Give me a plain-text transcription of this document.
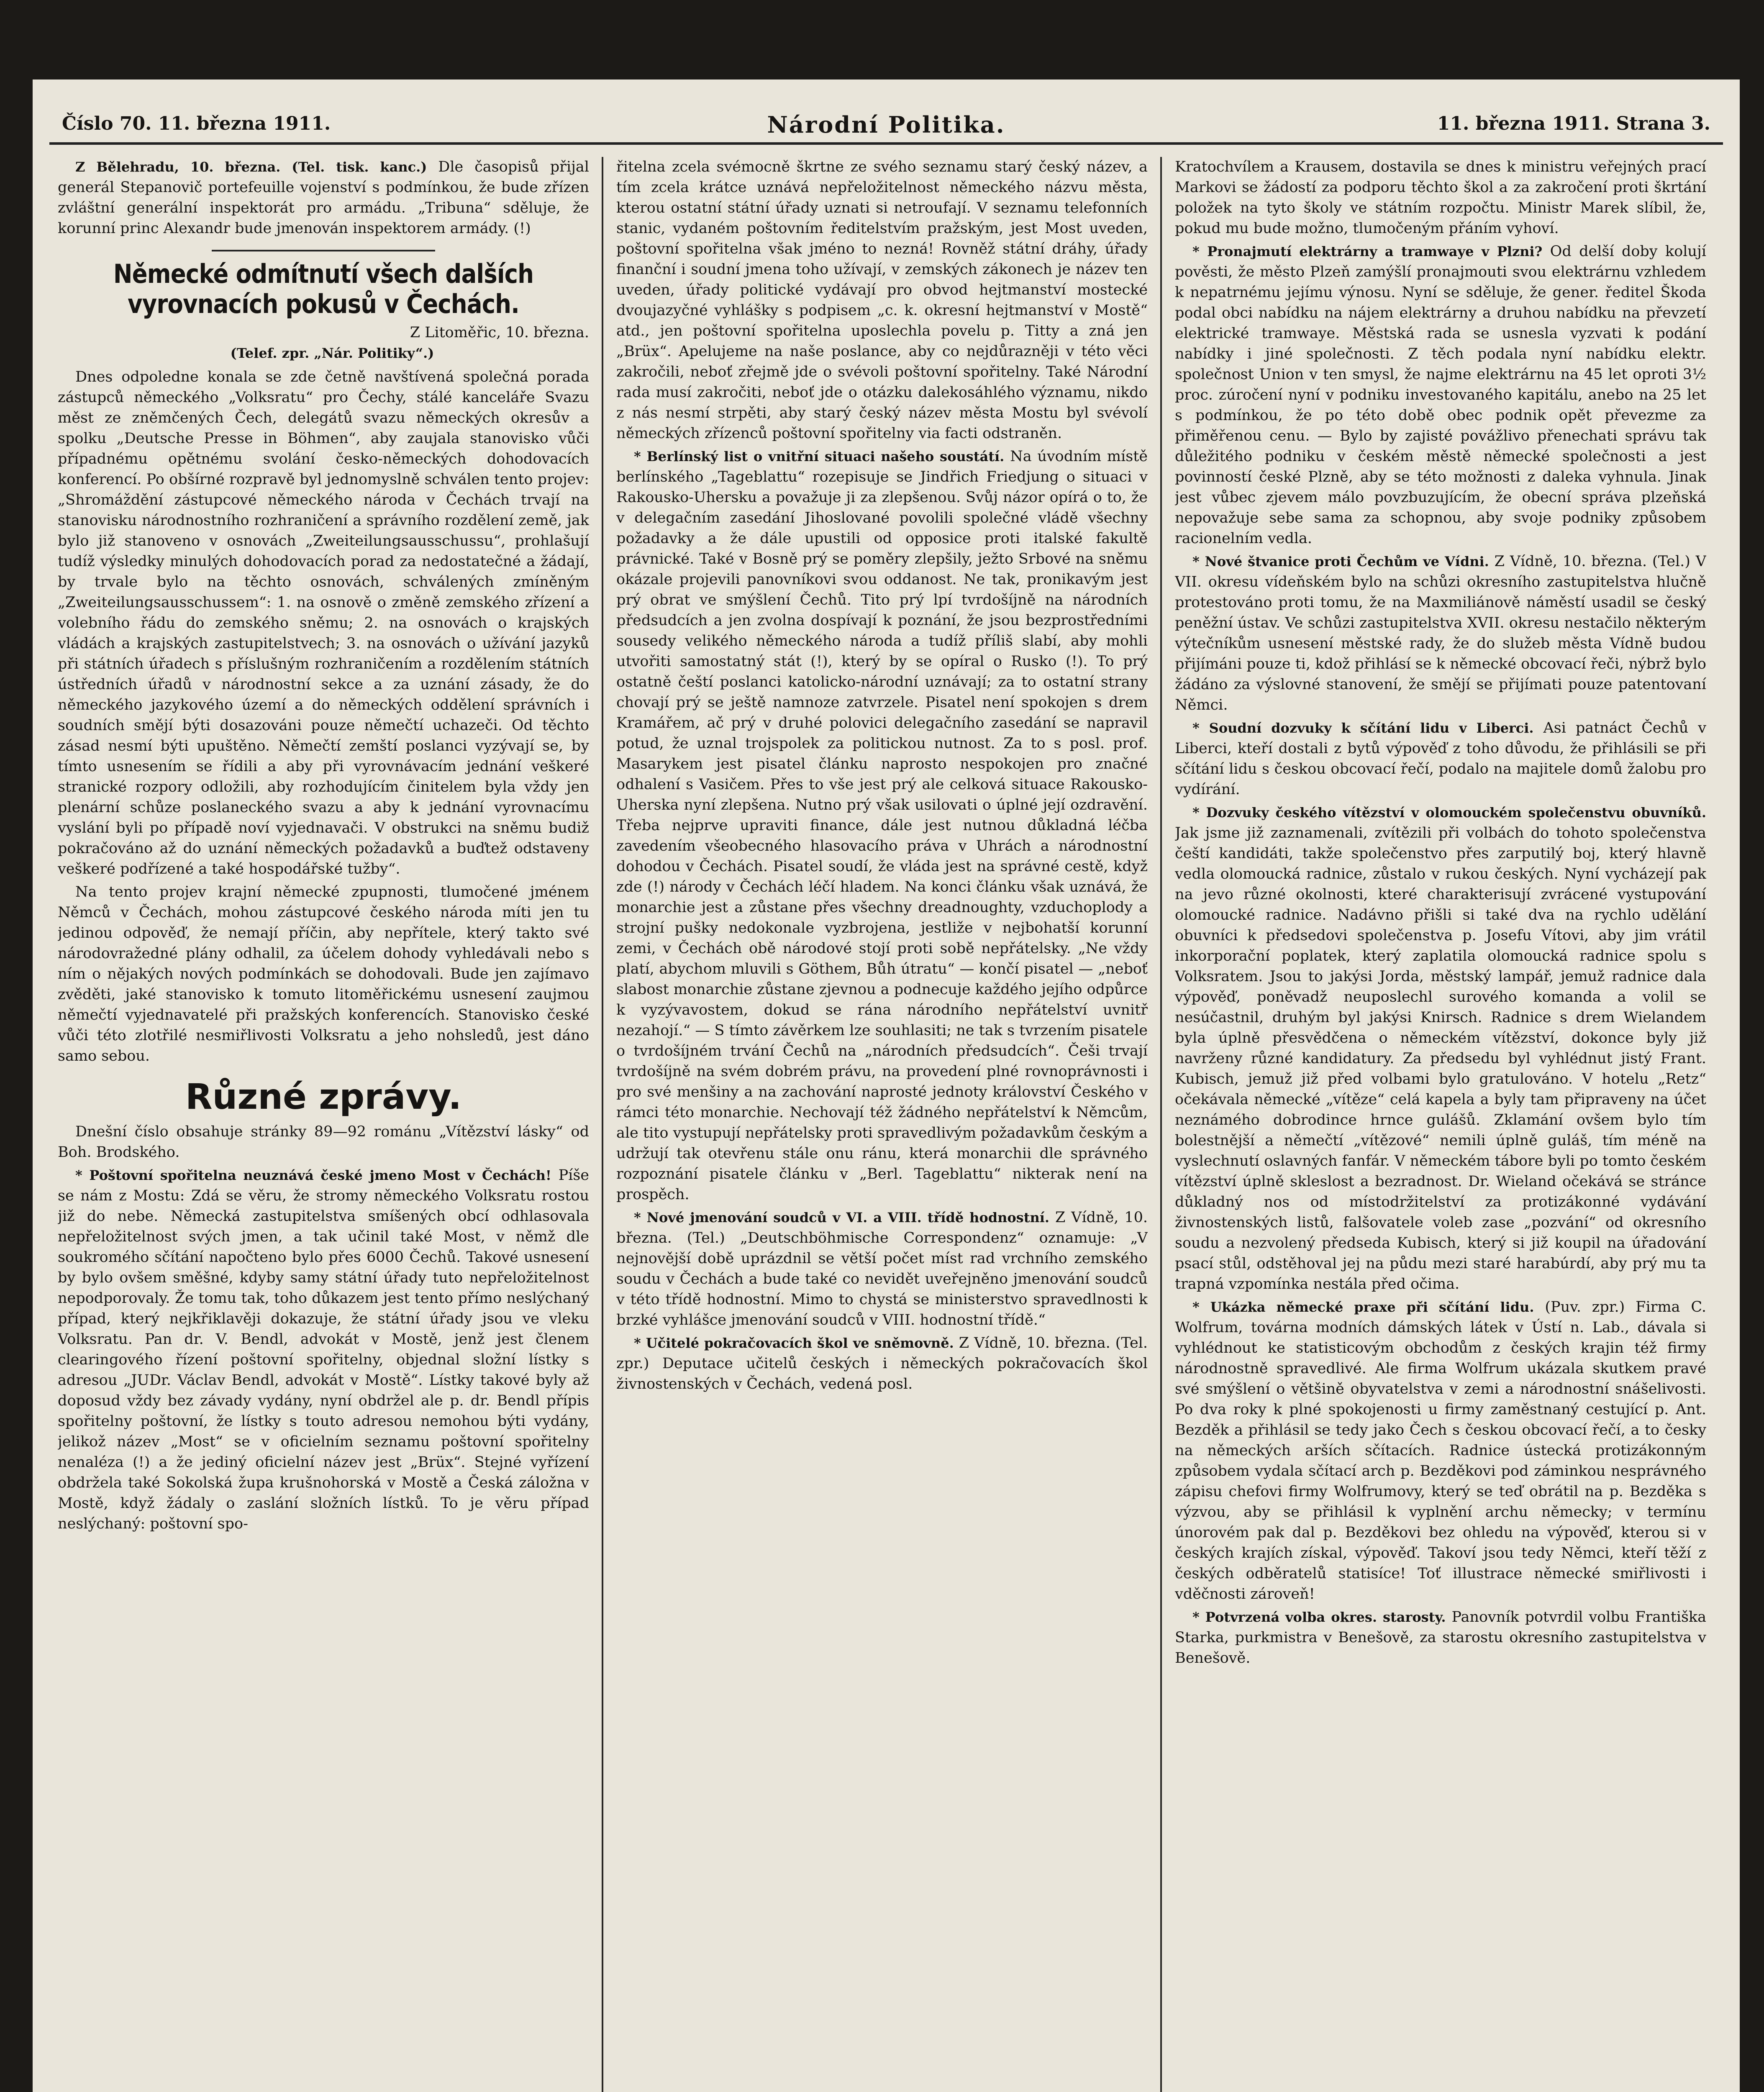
Číslo 70. 11. března 1911.	Národní Politika.	11. března 1911. Strana 3.
Z Bělehradu, 10. března. (Tel. tisk. kanc.) Dle časopisů přijal generál Stepanovič portefeuille vojenství s podmínkou, že bude zřízen zvláštní generální inspektorát pro armádu. „Tribuna“ sděluje, že korunní princ Alexandr bude jmenován inspektorem armády. (!)
Německé odmítnutí všech dalších vyrovnacích pokusů v Čechách.

Z Litoměřic, 10. března.

(Telef. zpr. „Nár. Politiky“.)

Dnes odpoledne konala se zde četně navštívená společná porada zástupců německého „Volksratu“ pro Čechy, stálé kanceláře Svazu měst ze zněmčených Čech, delegátů svazu německých okresův a spolku „Deutsche Presse in Böhmen“, aby zaujala stanovisko vůči případnému opětnému svolání česko-německých dohodovacích konferencí. Po obšírné rozpravě byl jednomyslně schválen tento projev: „Shromáždění zástupcové německého národa v Čechách trvají na stanovisku národnostního rozhraničení a správního rozdělení země, jak bylo již stanoveno v osnovách „Zweiteilungsausschussu“, prohlašují tudíž výsledky minulých dohodovacích porad za nedostatečné a žádají, by trvale bylo na těchto osnovách, schválených zmíněným „Zweiteilungsausschussem“: 1. na osnově o změně zemského zřízení a volebního řádu do zemského sněmu; 2. na osnovách o krajských vládách a krajských zastupitelstvech; 3. na osnovách o užívání jazyků při státních úřadech s příslušným rozhraničením a rozdělením státních ústředních úřadů v národnostní sekce a za uznání zásady, že do německého jazykového území a do německých oddělení správních i soudních smějí býti dosazováni pouze němečtí uchazeči. Od těchto zásad nesmí býti upuštěno. Němečtí zemští poslanci vyzývají se, by tímto usnesením se řídili a aby při vyrovnávacím jednání veškeré stranické rozpory odložili, aby rozhodujícím činitelem byla vždy jen plenární schůze poslaneckého svazu a aby k jednání vyrovnacímu vyslání byli po případě noví vyjednavači. V obstrukci na sněmu budiž pokračováno až do uznání německých požadavků a buďtež odstaveny veškeré podřízené a také hospodářské tužby“.

Na tento projev krajní německé zpupnosti, tlumočené jménem Němců v Čechách, mohou zástupcové českého národa míti jen tu jedinou odpověď, že nemají příčin, aby nepřítele, který takto své národovražedné plány odhalil, za účelem dohody vyhledávali nebo s ním o nějakých nových podmínkách se dohodovali. Bude jen zajímavo zvěděti, jaké stanovisko k tomuto litoměřickému usnesení zaujmou němečtí vyjednavatelé při pražských konferencích. Stanovisko české vůči této zlotřilé nesmiřlivosti Volksratu a jeho nohsledů, jest dáno samo sebou.

Různé zprávy.

Dnešní číslo obsahuje stránky 89—92 románu „Vítězství lásky“ od Boh. Brodského.

* Poštovní spořitelna neuznává české jmeno Most v Čechách! Píše se nám z Mostu: Zdá se věru, že stromy německého Volksratu rostou již do nebe. Německá zastupitelstva smíšených obcí odhlasovala nepřeložitelnost svých jmen, a tak učinil také Most, v němž dle soukromého sčítání napočteno bylo přes 6000 Čechů. Takové usnesení by bylo ovšem směšné, kdyby samy státní úřady tuto nepřeložitelnost nepodporovaly. Že tomu tak, toho důkazem jest tento přímo neslýchaný případ, který nejkřiklavěji dokazuje, že státní úřady jsou ve vleku Volksratu. Pan dr. V. Bendl, advokát v Mostě, jenž jest členem clearingového řízení poštovní spořitelny, objednal složní lístky s adresou „JUDr. Václav Bendl, advokát v Mostě“. Lístky takové byly až doposud vždy bez závady vydány, nyní obdržel ale p. dr. Bendl přípis spořitelny poštovní, že lístky s touto adresou nemohou býti vydány, jelikož název „Most“ se v oficielním seznamu poštovní spořitelny nenaléza (!) a že jediný oficielní název jest „Brüx“. Stejné vyřízení obdržela také Sokolská župa krušnohorská v Mostě a Česká záložna v Mostě, když žádaly o zaslání složních lístků. To je věru případ neslýchaný: poštovní spo-

řitelna zcela svémocně škrtne ze svého seznamu starý český název, a tím zcela krátce uznává nepřeložitelnost německého názvu města, kterou ostatní státní úřady uznati si netroufají. V seznamu telefonních stanic, vydaném poštovním ředitelstvím pražským, jest Most uveden, poštovní spořitelna však jméno to nezná! Rovněž státní dráhy, úřady finanční i soudní jmena toho užívají, v zemských zákonech je název ten uveden, úřady politické vydávají pro obvod hejtmanství mostecké dvoujazyčné vyhlášky s podpisem „c. k. okresní hejtmanství v Mostě“ atd., jen poštovní spořitelna uposlechla povelu p. Titty a zná jen „Brüx“. Apelujeme na naše poslance, aby co nejdůrazněji v této věci zakročili, neboť zřejmě jde o svévoli poštovní spořitelny. Také Národní rada musí zakročiti, neboť jde o otázku dalekosáhlého významu, nikdo z nás nesmí strpěti, aby starý český název města Mostu byl svévolí německých zřízenců poštovní spořitelny via facti odstraněn.

* Berlínský list o vnitřní situaci našeho soustátí. Na úvodním místě berlínského „Tageblattu“ rozepisuje se Jindřich Friedjung o situaci v Rakousko-Uhersku a považuje ji za zlepšenou. Svůj názor opírá o to, že v delegačním zasedání Jihoslované povolili společné vládě všechny požadavky a že dále upustili od opposice proti italské fakultě právnické. Také v Bosně prý se poměry zlepšily, ježto Srbové na sněmu okázale projevili panovníkovi svou oddanost. Ne tak, pronikavým jest prý obrat ve smýšlení Čechů. Tito prý lpí tvrdošíjně na národních předsudcích a jen zvolna dospívají k poznání, že jsou bezprostředními sousedy velikého německého národa a tudíž příliš slabí, aby mohli utvořiti samostatný stát (!), který by se opíral o Rusko (!). To prý ostatně čeští poslanci katolicko-národní uznávají; za to ostatní strany chovají prý se ještě namnoze zatvrzele. Pisatel není spokojen s drem Kramářem, ač prý v druhé polovici delegačního zasedání se napravil potud, že uznal trojspolek za politickou nutnost. Za to s posl. prof. Masarykem jest pisatel článku naprosto nespokojen pro značné odhalení s Vasičem. Přes to vše jest prý ale celková situace Rakousko-Uherska nyní zlepšena. Nutno prý však usilovati o úplné její ozdravění. Třeba nejprve upraviti finance, dále jest nutnou důkladná léčba zavedením všeobecného hlasovacího práva v Uhrách a národnostní dohodou v Čechách. Pisatel soudí, že vláda jest na správné cestě, když zde (!) národy v Čechách léčí hladem. Na konci článku však uznává, že monarchie jest a zůstane přes všechny dreadnoughty, vzduchoplody a strojní pušky nedokonale vyzbrojena, jestliže v nejbohatší korunní zemi, v Čechách obě národové stojí proti sobě nepřátelsky. „Ne vždy platí, abychom mluvili s Göthem, Bůh útratu“ — končí pisatel — „neboť slabost monarchie zůstane zjevnou a podnecuje každého jejího odpůrce k vyzývavostem, dokud se rána národního nepřátelství uvnitř nezahojí.“ — S tímto závěrkem lze souhlasiti; ne tak s tvrzením pisatele o tvrdošíjném trvání Čechů na „národních předsudcích“. Češi trvají tvrdošíjně na svém dobrém právu, na provedení plné rovnoprávnosti i pro své menšiny a na zachování naprosté jednoty království Českého v rámci této monarchie. Nechovají též žádného nepřátelství k Němcům, ale tito vystupují nepřátelsky proti spravedlivým požadavkům českým a udržují tak otevřenu stále onu ránu, která monarchii dle správného rozpoznání pisatele článku v „Berl. Tageblattu“ nikterak není na prospěch.
* Nové jmenování soudců v VI. a VIII. třídě hodnostní. Z Vídně, 10. března. (Tel.) „Deutschböhmische Correspondenz“ oznamuje: „V nejnovější době uprázdnil se větší počet míst rad vrchního zemského soudu v Čechách a bude také co nevidět uveřejněno jmenování soudců v této třídě hodnostní. Mimo to chystá se ministerstvo spravedlnosti k brzké vyhlášce jmenování soudců v VIII. hodnostní třídě.“
* Učitelé pokračovacích škol ve sněmovně. Z Vídně, 10. března. (Tel. zpr.) Deputace učitelů českých i německých pokračovacích škol živnostenských v Čechách, vedená posl.

Kratochvílem a Krausem, dostavila se dnes k ministru veřejných prací Markovi se žádostí za podporu těchto škol a za zakročení proti škrtání položek na tyto školy ve státním rozpočtu. Ministr Marek slíbil, že, pokud mu bude možno, tlumočeným přáním vyhoví.

* Pronajmutí elektrárny a tramwaye v Plzni? Od delší doby kolují pověsti, že město Plzeň zamýšlí pronajmouti svou elektrárnu vzhledem k nepatrnému jejímu výnosu. Nyní se sděluje, že gener. ředitel Škoda podal obci nabídku na nájem elektrárny a druhou nabídku na převzetí elektrické tramwaye. Městská rada se usnesla vyzvati k podání nabídky i jiné společnosti. Z těch podala nyní nabídku elektr. společnost Union v ten smysl, že najme elektrárnu na 45 let oproti 3½ proc. zúročení nyní v podniku investovaného kapitálu, anebo na 25 let s podmínkou, že po této době obec podnik opět převezme za přiměřenou cenu. — Bylo by zajisté povážlivo přenechati správu tak důležitého podniku v českém městě německé společnosti a jest povinností české Plzně, aby se této možnosti z daleka vyhnula. Jinak jest vůbec zjevem málo povzbuzujícím, že obecní správa plzeňská nepovažuje sebe sama za schopnou, aby svoje podniky způsobem racionelním vedla.
* Nové štvanice proti Čechům ve Vídni. Z Vídně, 10. března. (Tel.) V VII. okresu vídeňském bylo na schůzi okresního zastupitelstva hlučně protestováno proti tomu, že na Maxmiliánově náměstí usadil se český peněžní ústav. Ve schůzi zastupitelstva XVII. okresu nestačilo některým výtečníkům usnesení městské rady, že do služeb města Vídně budou přijímáni pouze ti, kdož přihlásí se k německé obcovací řeči, nýbrž bylo žádáno za výslovné stanovení, že smějí se přijímati pouze patentovaní Němci.
* Soudní dozvuky k sčítání lidu v Liberci. Asi patnáct Čechů v Liberci, kteří dostali z bytů výpověď z toho důvodu, že přihlásili se při sčítání lidu s českou obcovací řečí, podalo na majitele domů žalobu pro vydírání.
* Dozvuky českého vítězství v olomouckém společenstvu obuvníků. Jak jsme již zaznamenali, zvítězili při volbách do tohoto společenstva čeští kandidáti, takže společenstvo přes zarputilý boj, který hlavně vedla olomoucká radnice, zůstalo v rukou českých. Nyní vycházejí pak na jevo různé okolnosti, které charakterisují zvrácené vystupování olomoucké radnice. Nadávno přišli si také dva na rychlo udělání obuvníci k předsedovi společenstva p. Josefu Vítovi, aby jim vrátil inkorporační poplatek, který zaplatila olomoucká radnice spolu s Volksratem. Jsou to jakýsi Jorda, městský lampář, jemuž radnice dala výpověď, poněvadž neuposlechl surového komanda a volil se nesúčastnil, druhým byl jakýsi Knirsch. Radnice s drem Wielandem byla úplně přesvědčena o německém vítězství, dokonce byly již navrženy různé kandidatury. Za předsedu byl vyhlédnut jistý Frant. Kubisch, jemuž již před volbami bylo gratulováno. V hotelu „Retz“ očekávala německé „vítěze“ celá kapela a byly tam připraveny na účet neznámého dobrodince hrnce gulášů. Zklamání ovšem bylo tím bolestnější a němečtí „vítězové“ nemili úplně guláš, tím méně na vyslechnutí oslavných fanfár. V německém tábore byli po tomto českém vítězství úplně skleslost a bezradnost. Dr. Wieland očekává se stránce důkladný nos od místodržitelství za protizákonné vydávání živnostenských listů, falšovatele voleb zase „pozvání“ od okresního soudu a nezvolený předseda Kubisch, který si již koupil na úřadování psací stůl, odstěhoval jej na půdu mezi staré harabúrdí, aby prý mu ta trapná vzpomínka nestála před očima.
* Ukázka německé praxe při sčítání lidu. (Puv. zpr.) Firma C. Wolfrum, továrna modních dámských látek v Ústí n. Lab., dávala si vyhlédnout ke statisticovým obchodům z českých krajin též firmy národnostně spravedlivé. Ale firma Wolfrum ukázala skutkem pravé své smýšlení o většině obyvatelstva v zemi a národnostní snášelivosti. Po dva roky k plné spokojenosti u firmy zaměstnaný cestující p. Ant. Bezděk a přihlásil se tedy jako Čech s českou obcovací řečí, a to česky na německých arších sčítacích. Radnice ústecká protizákonným způsobem vydala sčítací arch p. Bezděkovi pod záminkou nesprávného zápisu chefovi firmy Wolfrumovy, který se teď obrátil na p. Bezděka s výzvou, aby se přihlásil k vyplnění archu německy; v termínu únorovém pak dal p. Bezděkovi bez ohledu na výpověď, kterou si v českých krajích získal, výpověď. Takoví jsou tedy Němci, kteří těží z českých odběratelů statisíce! Toť illustrace německé smiřlivosti i vděčnosti zároveň!
* Potvrzená volba okres. starosty. Panovník potvrdil volbu Františka Starka, purkmistra v Benešově, za starostu okresního zastupitelstva v Benešově.
